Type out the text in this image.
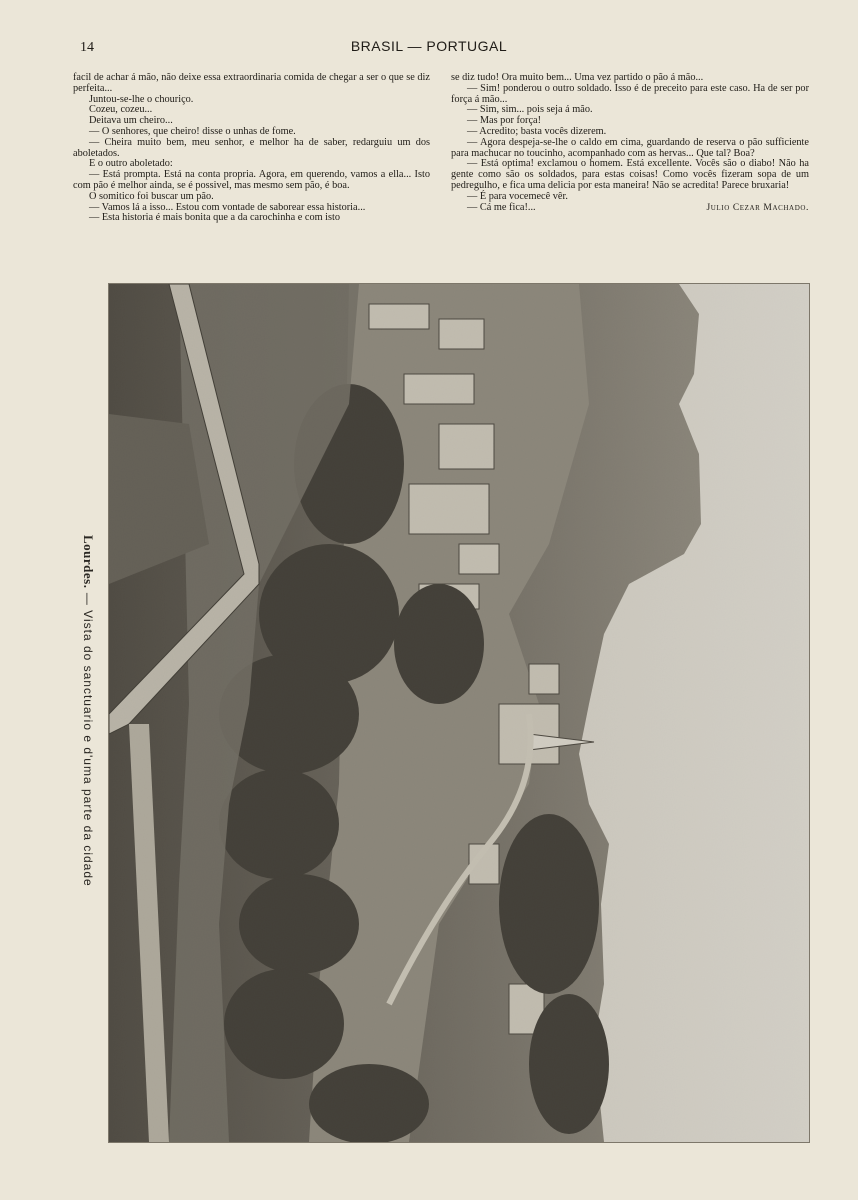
14	BRASIL — PORTUGAL

facil de achar á mão, não deixe essa extraordinaria comida de chegar a ser o que se diz perfeita...

Juntou-se-lhe o chouriço.

Cozeu, cozeu...

Deitava um cheiro...

— O senhores, que cheiro! disse o unhas de fome.

— Cheira muito bem, meu senhor, e melhor ha de saber, redarguiu um dos aboletados.

E o outro aboletado:

— Está prompta. Está na conta propria. Agora, em querendo, vamos a ella... Isto com pão é melhor ainda, se é possivel, mas mesmo sem pão, é boa.

O somitico foi buscar um pão.

— Vamos lá a isso... Estou com vontade de saborear essa historia...

— Esta historia é mais bonita que a da carochinha e com isto

se diz tudo! Ora muito bem... Uma vez partido o pão á mão...

— Sim! ponderou o outro soldado. Isso é de preceito para este caso. Ha de ser por força á mão...

— Sim, sim... pois seja á mão.

— Mas por força!

— Acredito; basta vocês dizerem.

— Agora despeja-se-lhe o caldo em cima, guardando de reserva o pão sufficiente para machucar no toucinho, acompanhado com as hervas... Que tal? Boa?

— Está optima! exclamou o homem. Está excellente. Vocês são o diabo! Não ha gente como são os soldados, para estas coisas! Como vocês fizeram sopa de um pedregulho, e fica uma delicia por esta maneira! Não se acredita! Parece bruxaria!

— É para vocemecê vêr.

— Cá me fica!...	Julio Cezar Machado.
Lourdes. — Vista do sanctuario e d'uma parte da cidade
